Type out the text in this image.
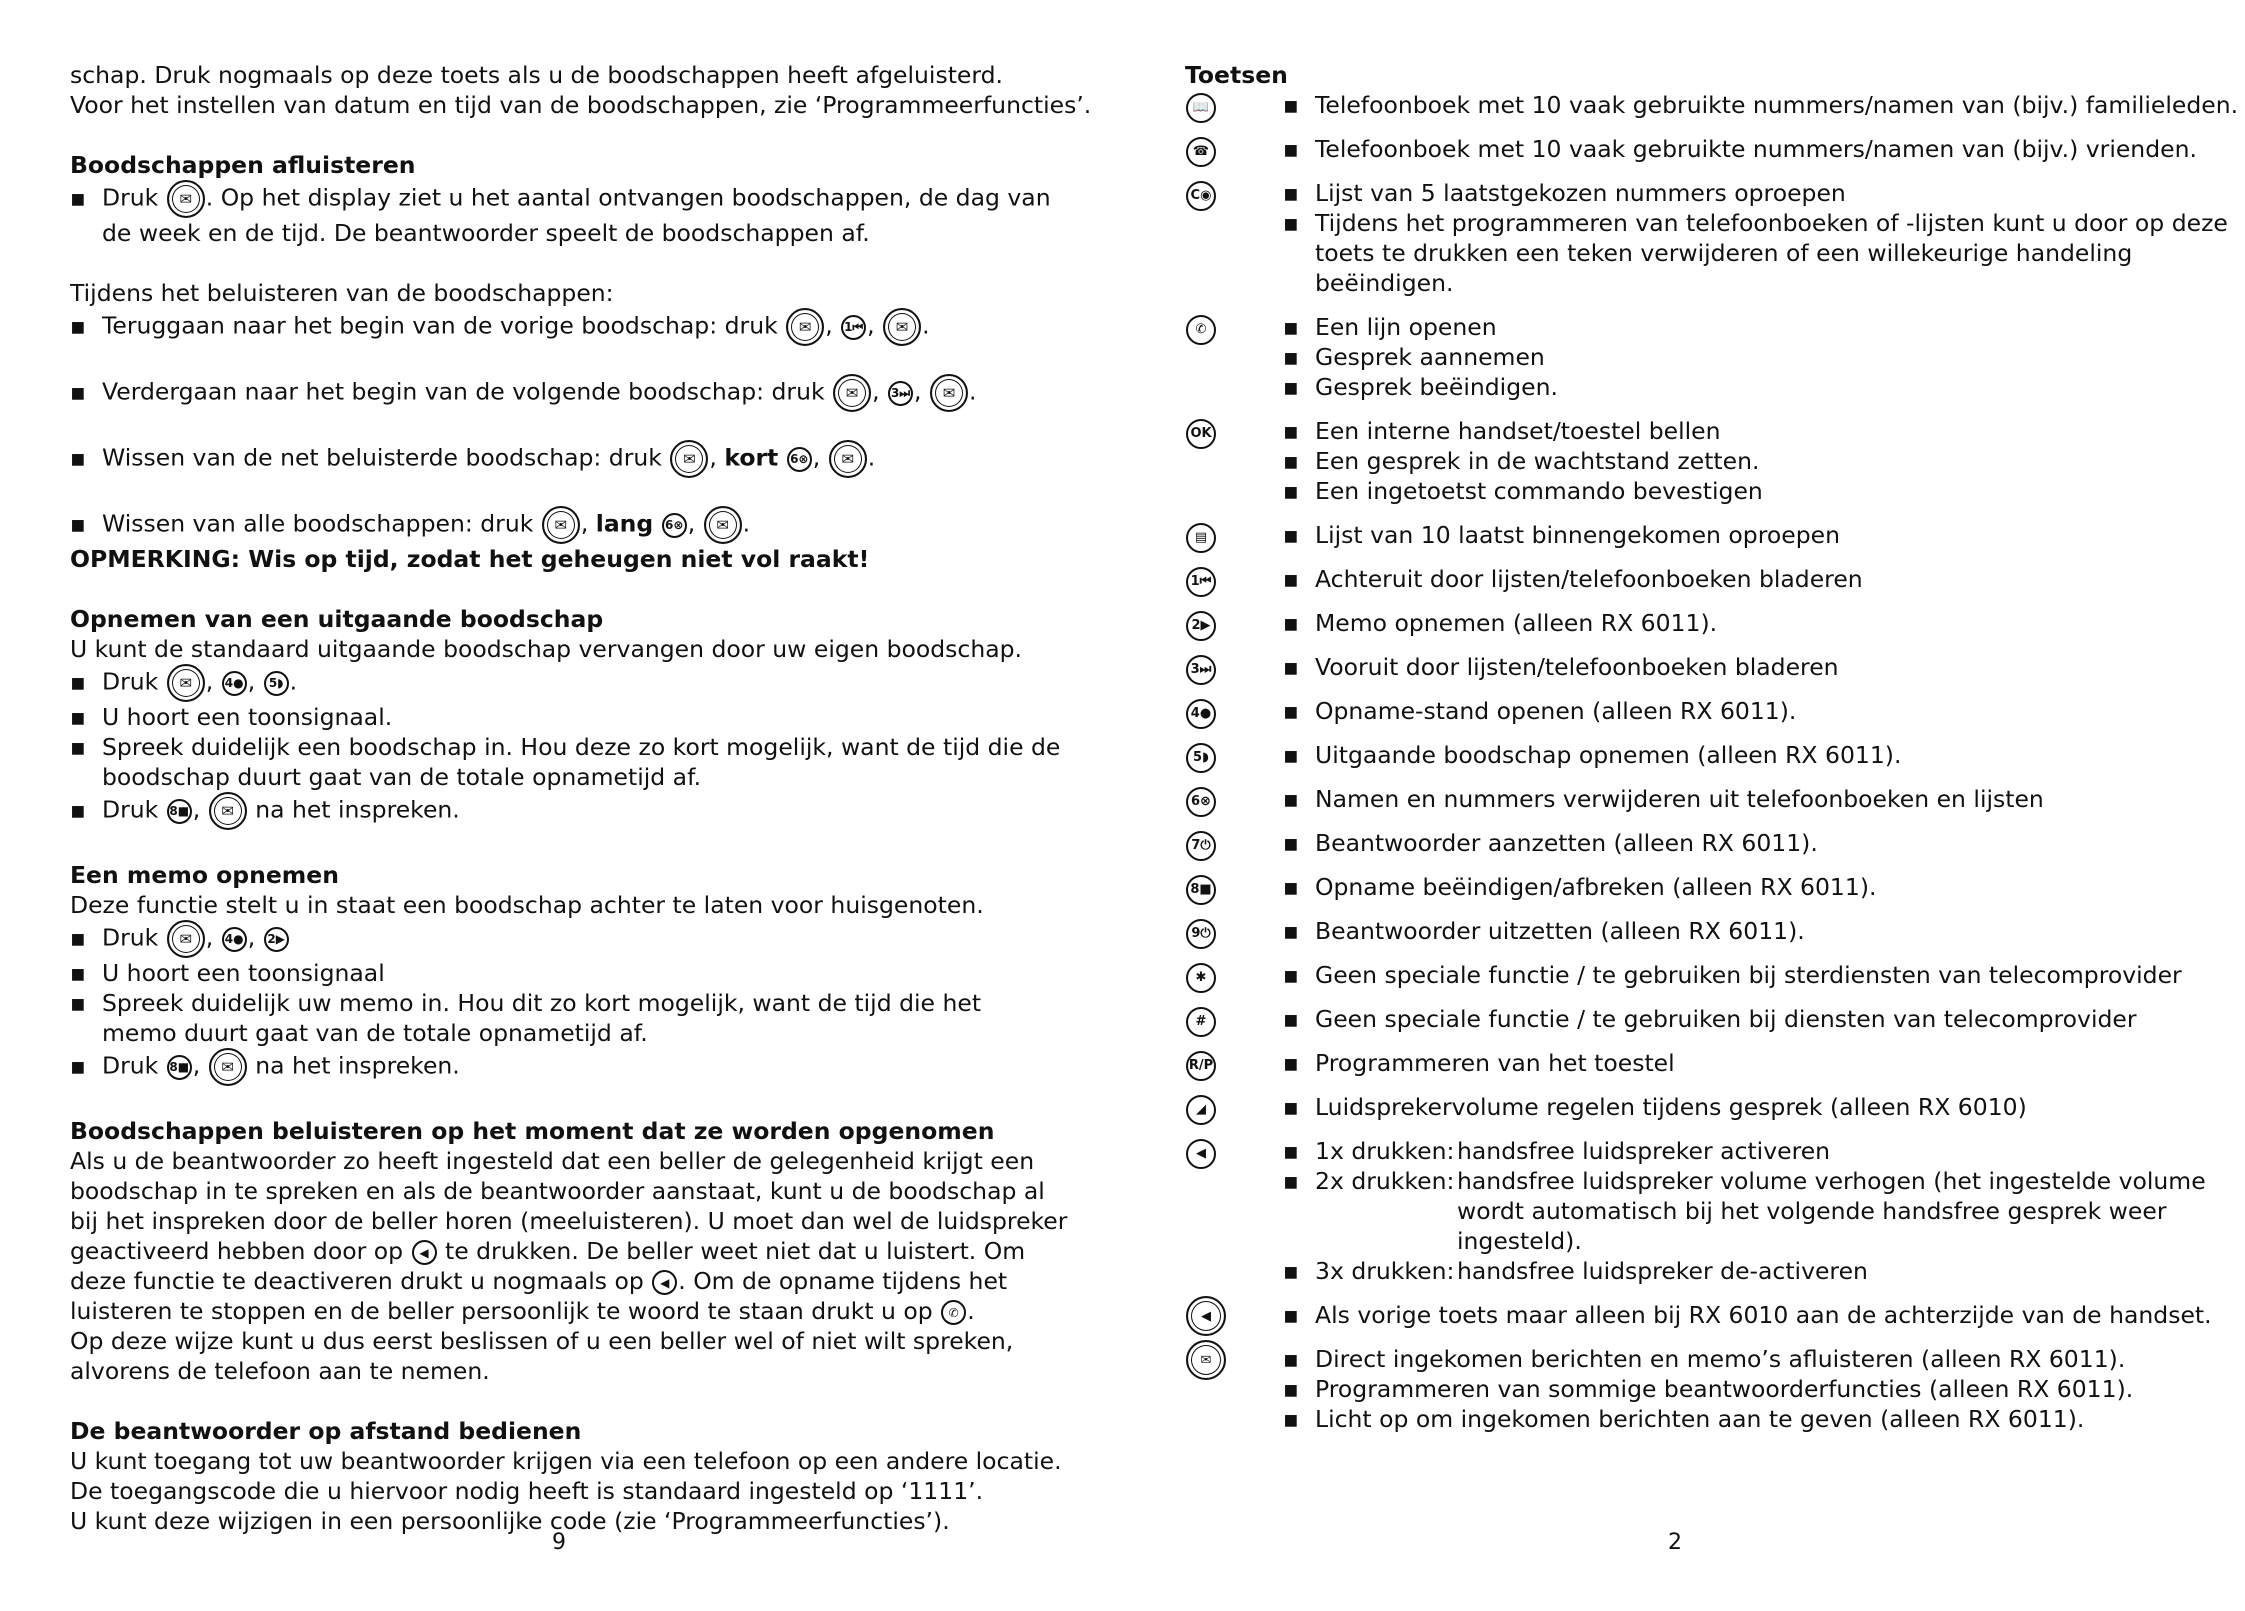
schap. Druk nogmaals op deze toets als u de boodschappen heeft afgeluisterd.
Voor het instellen van datum en tijd van de boodschappen, zie ‘Programmeerfuncties’.
Boodschappen afluisteren
▪ Druk ✉ . Op het display ziet u het aantal ontvangen boodschappen, de dag van
de week en de tijd. De beantwoorder speelt de boodschappen af.
Tijdens het beluisteren van de boodschappen:
▪ Teruggaan naar het begin van de vorige boodschap: druk ✉ , 1⏮ , ✉ .
▪ Verdergaan naar het begin van de volgende boodschap: druk ✉ , 3⏭ , ✉ .
▪ Wissen van de net beluisterde boodschap: druk ✉ , kort 6⊗ , ✉ .
▪ Wissen van alle boodschappen: druk ✉ , lang 6⊗ , ✉ .
OPMERKING: Wis op tijd, zodat het geheugen niet vol raakt!
Opnemen van een uitgaande boodschap
U kunt de standaard uitgaande boodschap vervangen door uw eigen boodschap.
▪ Druk ✉ , 4● , 5◗ .
▪ U hoort een toonsignaal.
▪ Spreek duidelijk een boodschap in. Hou deze zo kort mogelijk, want de tijd die de
boodschap duurt gaat van de totale opnametijd af.
▪ Druk 8■ , ✉ na het inspreken.
Een memo opnemen
Deze functie stelt u in staat een boodschap achter te laten voor huisgenoten.
▪ Druk ✉ , 4● , 2▶
▪ U hoort een toonsignaal
▪ Spreek duidelijk uw memo in. Hou dit zo kort mogelijk, want de tijd die het
memo duurt gaat van de totale opnametijd af.
▪ Druk 8■ , ✉ na het inspreken.
Boodschappen beluisteren op het moment dat ze worden opgenomen
Als u de beantwoorder zo heeft ingesteld dat een beller de gelegenheid krijgt een
boodschap in te spreken en als de beantwoorder aanstaat, kunt u de boodschap al
bij het inspreken door de beller horen (meeluisteren). U moet dan wel de luidspreker
geactiveerd hebben door op ◀ te drukken. De beller weet niet dat u luistert. Om
deze functie te deactiveren drukt u nogmaals op ◀ . Om de opname tijdens het
luisteren te stoppen en de beller persoonlijk te woord te staan drukt u op ✆ .
Op deze wijze kunt u dus eerst beslissen of u een beller wel of niet wilt spreken,
alvorens de telefoon aan te nemen.
De beantwoorder op afstand bedienen
U kunt toegang tot uw beantwoorder krijgen via een telefoon op een andere locatie.
De toegangscode die u hiervoor nodig heeft is standaard ingesteld op ‘1111’.
U kunt deze wijzigen in een persoonlijke code (zie ‘Programmeerfuncties’).
9
Toetsen
📖	▪ Telefoonboek met 10 vaak gebruikte nummers/namen van (bijv.) familieleden.
☎	▪ Telefoonboek met 10 vaak gebruikte nummers/namen van (bijv.) vrienden.
C◉	▪ Lijst van 5 laatstgekozen nummers oproepen
▪ Tijdens het programmeren van telefoonboeken of -lijsten kunt u door op deze
toets te drukken een teken verwijderen of een willekeurige handeling
beëindigen.
✆	▪ Een lijn openen
▪ Gesprek aannemen
▪ Gesprek beëindigen.
OK	▪ Een interne handset/toestel bellen
▪ Een gesprek in de wachtstand zetten.
▪ Een ingetoetst commando bevestigen
▤	▪ Lijst van 10 laatst binnengekomen oproepen
1⏮	▪ Achteruit door lijsten/telefoonboeken bladeren
2▶	▪ Memo opnemen (alleen RX 6011).
3⏭	▪ Vooruit door lijsten/telefoonboeken bladeren
4●	▪ Opname-stand openen (alleen RX 6011).
5◗	▪ Uitgaande boodschap opnemen (alleen RX 6011).
6⊗	▪ Namen en nummers verwijderen uit telefoonboeken en lijsten
7⏻	▪ Beantwoorder aanzetten (alleen RX 6011).
8■	▪ Opname beëindigen/afbreken (alleen RX 6011).
9⏻	▪ Beantwoorder uitzetten (alleen RX 6011).
✱	▪ Geen speciale functie / te gebruiken bij sterdiensten van telecomprovider
#	▪ Geen speciale functie / te gebruiken bij diensten van telecomprovider
R/P	▪ Programmeren van het toestel
◢	▪ Luidsprekervolume regelen tijdens gesprek (alleen RX 6010)
◀	▪ 1x drukken: handsfree luidspreker activeren
▪ 2x drukken: handsfree luidspreker volume verhogen (het ingestelde volume
wordt automatisch bij het volgende handsfree gesprek weer
ingesteld).
▪ 3x drukken: handsfree luidspreker de-activeren
◀	▪ Als vorige toets maar alleen bij RX 6010 aan de achterzijde van de handset.
✉	▪ Direct ingekomen berichten en memo’s afluisteren (alleen RX 6011).
▪ Programmeren van sommige beantwoorderfuncties (alleen RX 6011).
▪ Licht op om ingekomen berichten aan te geven (alleen RX 6011).
2
